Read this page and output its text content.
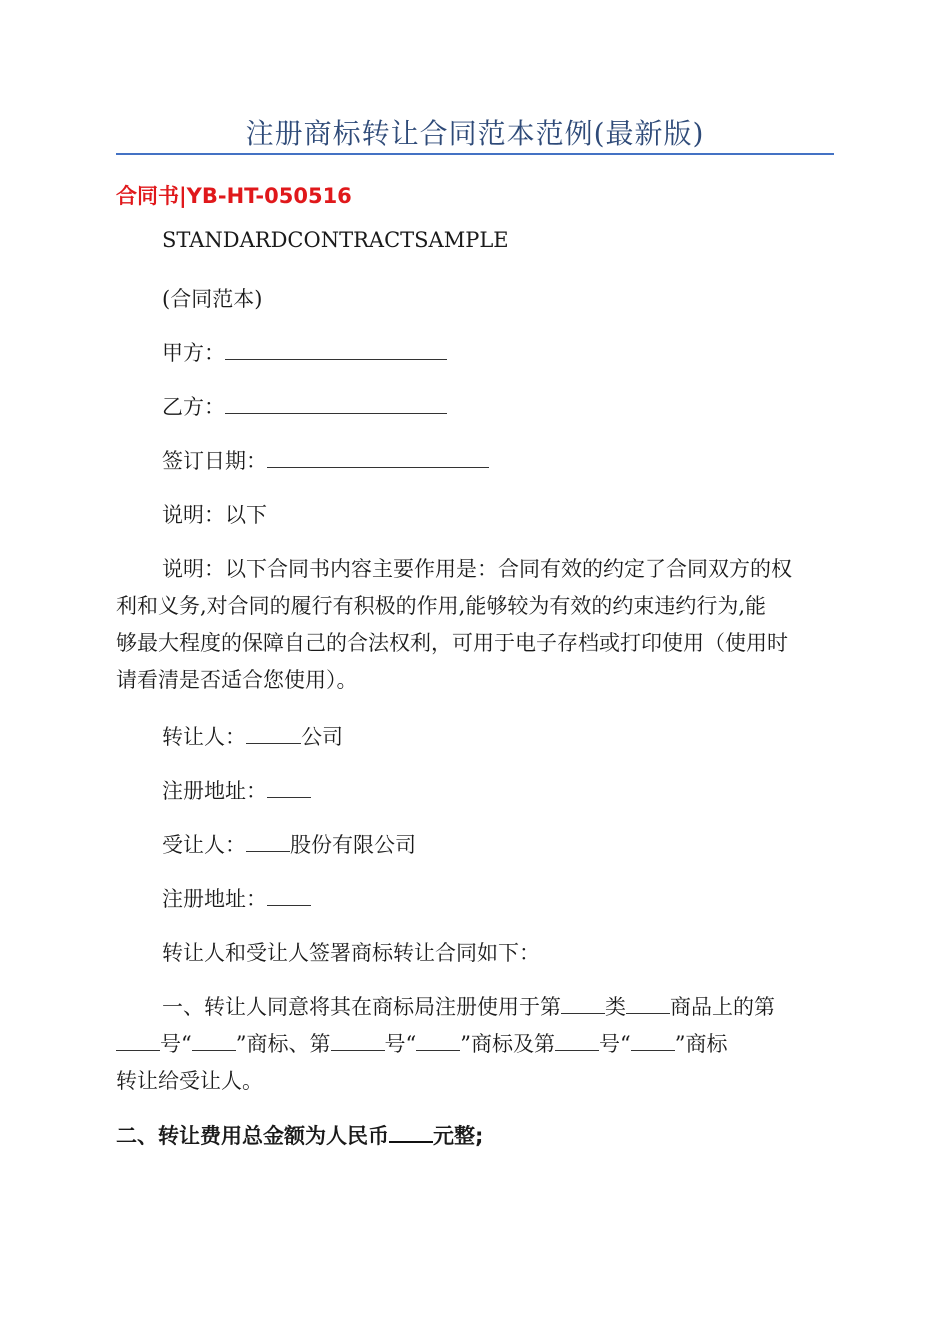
注册商标转让合同范本范例(最新版)
合同书|YB-HT-050516
STANDARDCONTRACTSAMPLE
(合同范本)
甲方：
乙方：
签订日期：
说明：以下
说明：以下合同书内容主要作用是：合同有效的约定了合同双方的权
利和义务,对合同的履行有积极的作用,能够较为有效的约束违约行为,能
够最大程度的保障自己的合法权利，可用于电子存档或打印使用（使用时
请看清是否适合您使用）。
转让人：	公司
注册地址：
受让人： 股份有限公司
注册地址：
转让人和受让人签署商标转让合同如下：
一、转让人同意将其在商标局注册使用于第 类 商品上的第
号“ ”商标、第	号“ ”商标及第 号“ ”商标
转让给受让人。
二、转让费用总金额为人民币 元整;
